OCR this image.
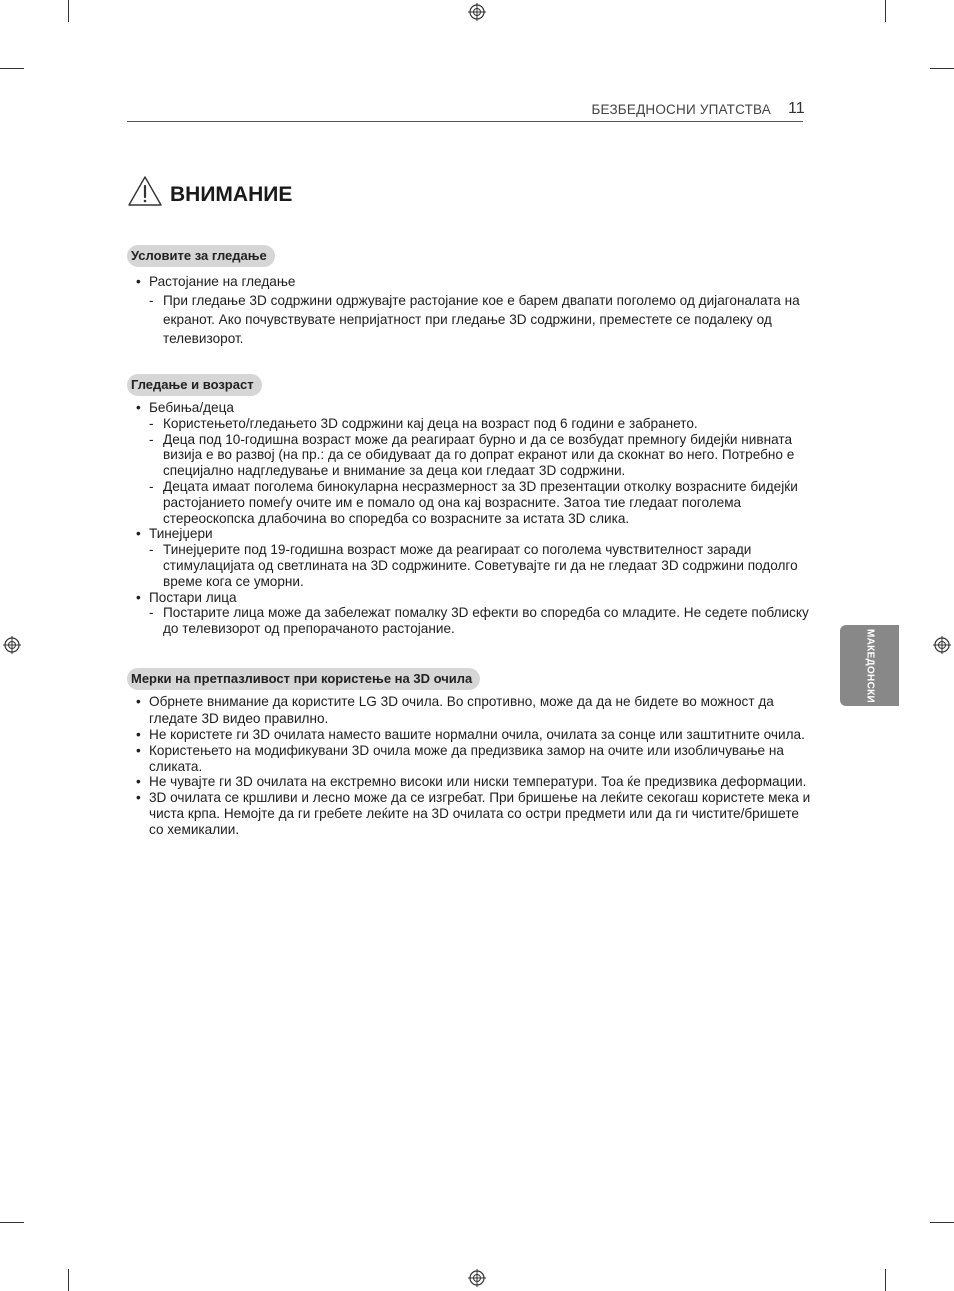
БЕЗБЕДНОСНИ УПАТСТВА 11
ВНИМАНИЕ
МАКЕДОНСКИ
Условите за гледање
• Растојание на гледање
- При гледање 3D содржини одржувајте растојание кое е барем двапати поголемо од дијагоналата на екранот. Ако почувствувате непријатност при гледање 3D содржини, преместете се подалеку од телевизорот.
Гледање и возраст
• Бебиња/деца
- Користењето/гледањето 3D содржини кај деца на возраст под 6 години е забрането.
- Деца под 10-годишна возраст може да реагираат бурно и да се возбудат премногу бидејќи нивната визија е во развој (на пр.: да се обидуваат да го допрат екранот или да скокнат во него. Потребно е специјално надгледување и внимание за деца кои гледаат 3D содржини.
- Децата имаат поголема бинокуларна несразмерност за 3D презентации отколку возрасните бидејќи растојанието помеѓу очите им е помало од она кај возрасните. Затоа тие гледаат поголема стереоскопска длабочина во споредба со возрасните за истата 3D слика.
• Тинејџери
- Тинејџерите под 19-годишна возраст може да реагираат со поголема чувствителност заради стимулацијата од светлината на 3D содржините. Советувајте ги да не гледаат 3D содржини подолго време кога се уморни.
• Постари лица
- Постарите лица може да забележат помалку 3D ефекти во споредба со младите. Не седете поблиску до телевизорот од препорачаното растојание.
Мерки на претпазливост при користење на 3D очила
• Обрнете внимание да користите LG 3D очила. Во спротивно, може да да не бидете во можност да гледате 3D видео правилно.
• Не користете ги 3D очилата наместо вашите нормални очила, очилата за сонце или заштитните очила.
• Користењето на модификувани 3D очила може да предизвика замор на очите или изобличување на сликата.
• Не чувајте ги 3D очилата на екстремно високи или ниски температури. Тоа ќе предизвика деформации.
• 3D очилата се кршливи и лесно може да се изгребат. При бришење на леќите секогаш користете мека и чиста крпа. Немојте да ги гребете леќите на 3D очилата со остри предмети или да ги чистите/бришете со хемикалии.
